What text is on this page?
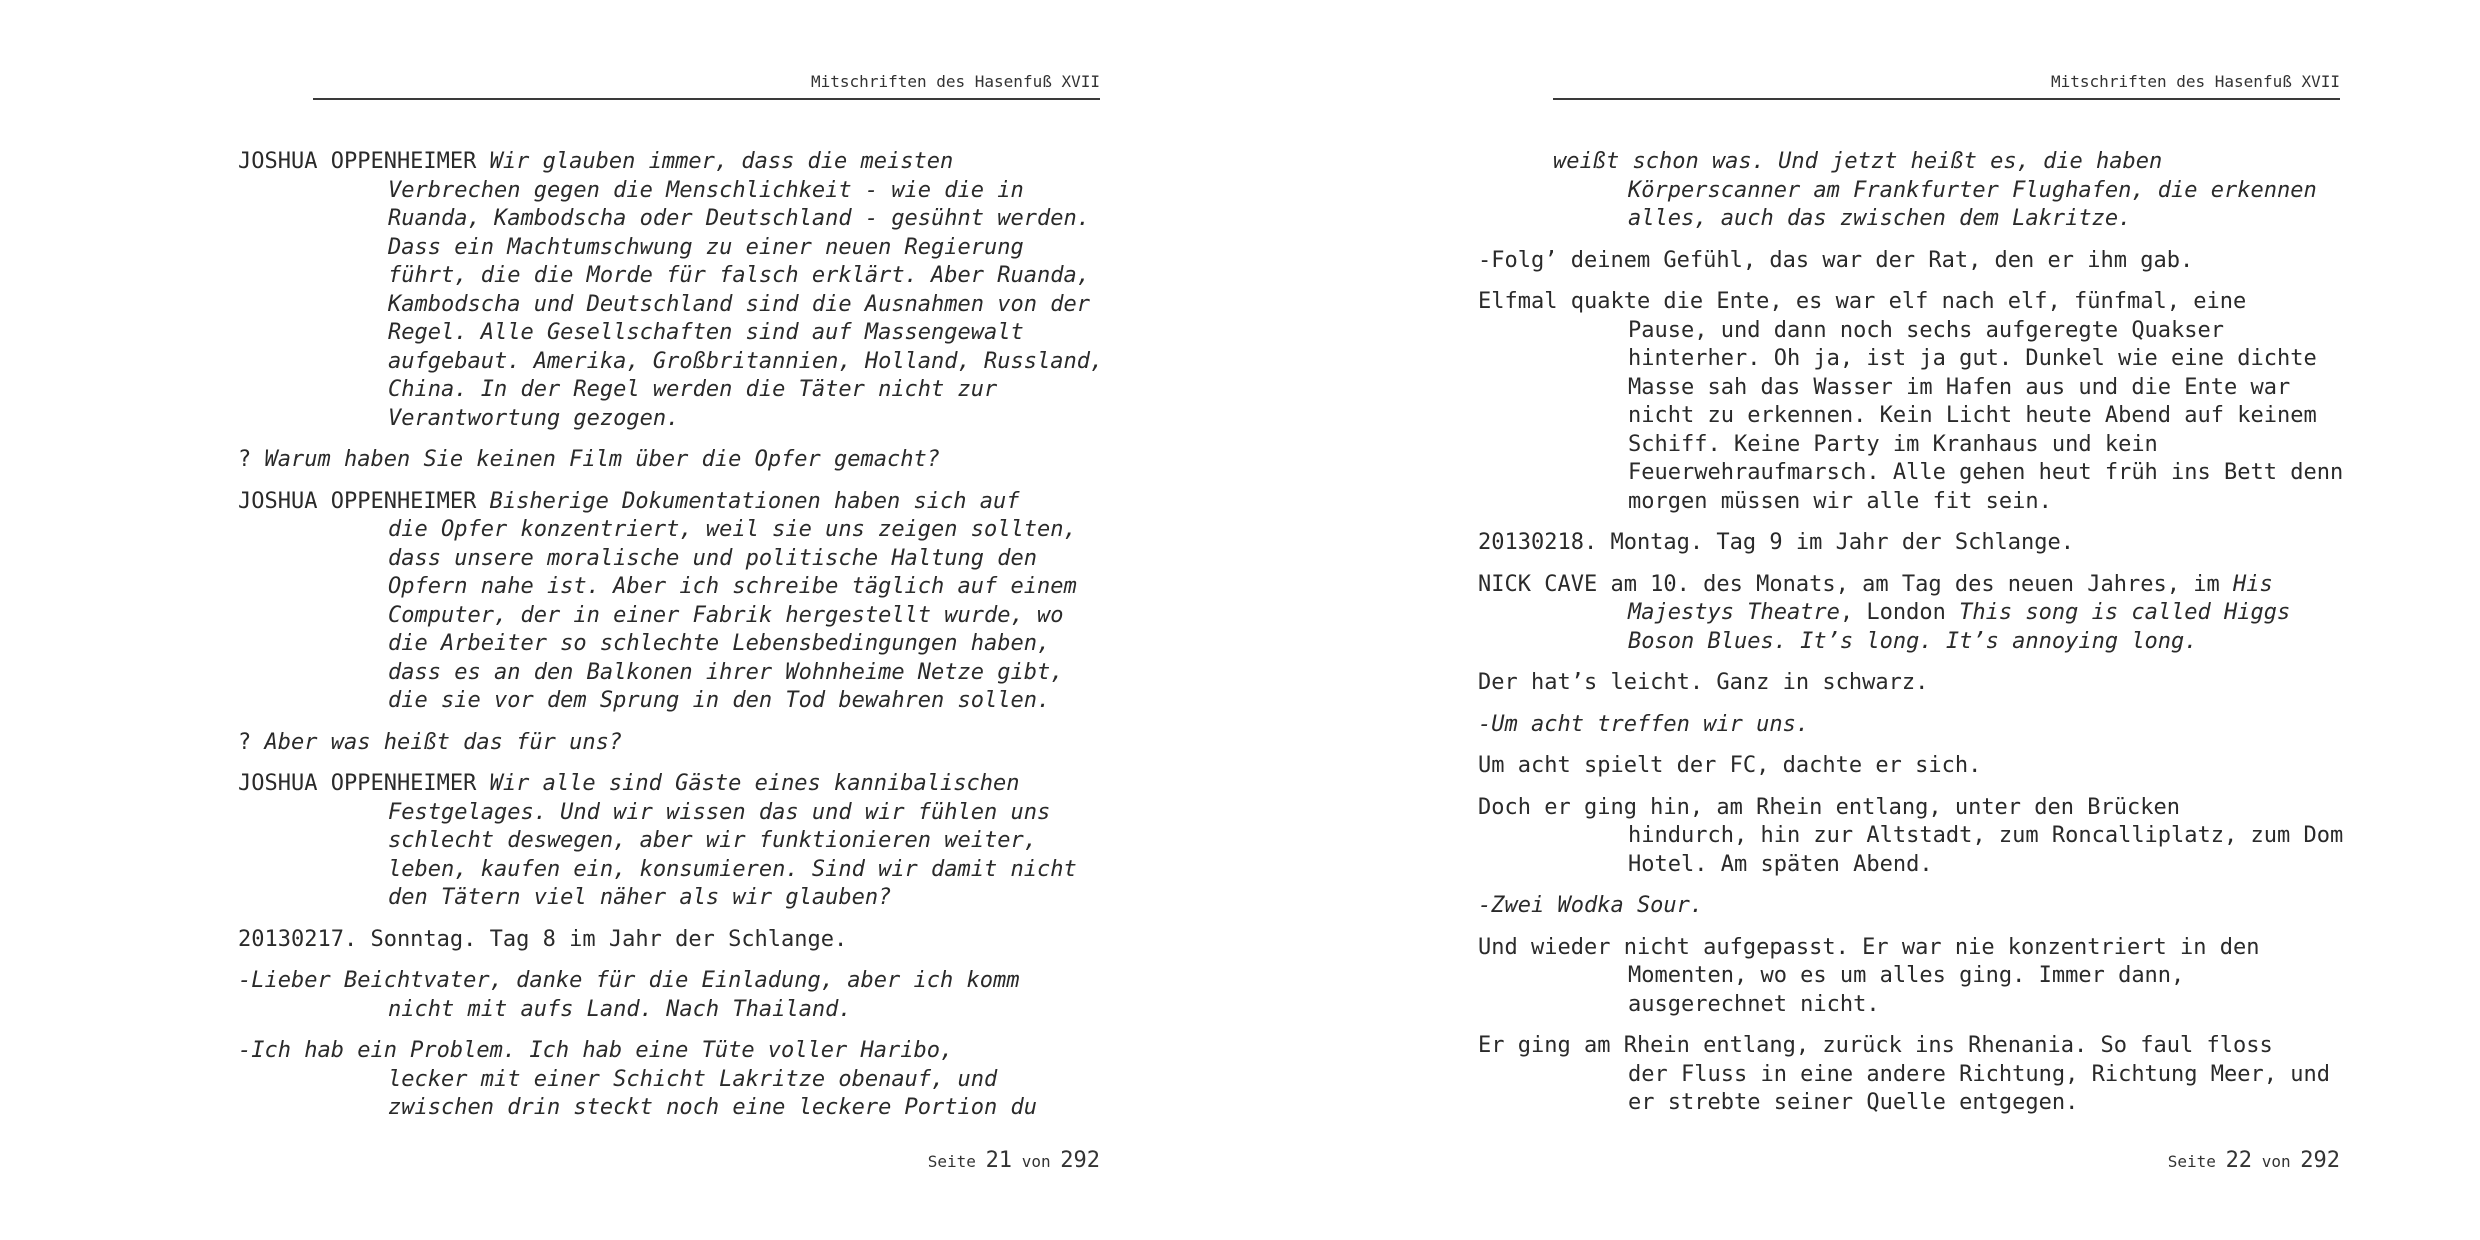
Mitschriften des Hasenfuß XVII
JOSHUA OPPENHEIMER Wir glauben immer, dass die meisten
Verbrechen gegen die Menschlichkeit - wie die in
Ruanda, Kambodscha oder Deutschland - gesühnt werden.
Dass ein Machtumschwung zu einer neuen Regierung
führt, die die Morde für falsch erklärt. Aber Ruanda,
Kambodscha und Deutschland sind die Ausnahmen von der
Regel. Alle Gesellschaften sind auf Massengewalt
aufgebaut. Amerika, Großbritannien, Holland, Russland,
China. In der Regel werden die Täter nicht zur
Verantwortung gezogen.
? Warum haben Sie keinen Film über die Opfer gemacht?
JOSHUA OPPENHEIMER Bisherige Dokumentationen haben sich auf
die Opfer konzentriert, weil sie uns zeigen sollten,
dass unsere moralische und politische Haltung den
Opfern nahe ist. Aber ich schreibe täglich auf einem
Computer, der in einer Fabrik hergestellt wurde, wo
die Arbeiter so schlechte Lebensbedingungen haben,
dass es an den Balkonen ihrer Wohnheime Netze gibt,
die sie vor dem Sprung in den Tod bewahren sollen.
? Aber was heißt das für uns?
JOSHUA OPPENHEIMER Wir alle sind Gäste eines kannibalischen
Festgelages. Und wir wissen das und wir fühlen uns
schlecht deswegen, aber wir funktionieren weiter,
leben, kaufen ein, konsumieren. Sind wir damit nicht
den Tätern viel näher als wir glauben?
20130217. Sonntag. Tag 8 im Jahr der Schlange.
-Lieber Beichtvater, danke für die Einladung, aber ich komm
nicht mit aufs Land. Nach Thailand.
-Ich hab ein Problem. Ich hab eine Tüte voller Haribo,
lecker mit einer Schicht Lakritze obenauf, und
zwischen drin steckt noch eine leckere Portion du
Seite 21 von 292
Mitschriften des Hasenfuß XVII
weißt schon was. Und jetzt heißt es, die haben
Körperscanner am Frankfurter Flughafen, die erkennen
alles, auch das zwischen dem Lakritze.
-Folg’ deinem Gefühl, das war der Rat, den er ihm gab.
Elfmal quakte die Ente, es war elf nach elf, fünfmal, eine
Pause, und dann noch sechs aufgeregte Quakser
hinterher. Oh ja, ist ja gut. Dunkel wie eine dichte
Masse sah das Wasser im Hafen aus und die Ente war
nicht zu erkennen. Kein Licht heute Abend auf keinem
Schiff. Keine Party im Kranhaus und kein
Feuerwehraufmarsch. Alle gehen heut früh ins Bett denn
morgen müssen wir alle fit sein.
20130218. Montag. Tag 9 im Jahr der Schlange.
NICK CAVE am 10. des Monats, am Tag des neuen Jahres, im His
Majestys Theatre, London This song is called Higgs
Boson Blues. It’s long. It’s annoying long.
Der hat’s leicht. Ganz in schwarz.
-Um acht treffen wir uns.
Um acht spielt der FC, dachte er sich.
Doch er ging hin, am Rhein entlang, unter den Brücken
hindurch, hin zur Altstadt, zum Roncalliplatz, zum Dom
Hotel. Am späten Abend.
-Zwei Wodka Sour.
Und wieder nicht aufgepasst. Er war nie konzentriert in den
Momenten, wo es um alles ging. Immer dann,
ausgerechnet nicht.
Er ging am Rhein entlang, zurück ins Rhenania. So faul floss
der Fluss in eine andere Richtung, Richtung Meer, und
er strebte seiner Quelle entgegen.
Seite 22 von 292
